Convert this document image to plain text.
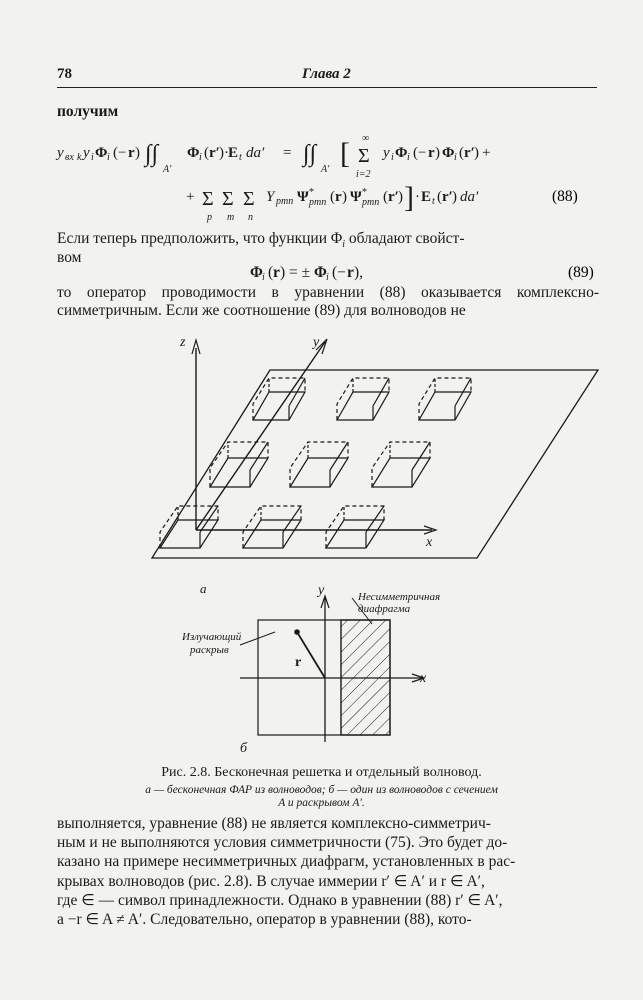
78	Глава 2
получим
y вх k y i Φ i (− r ) ∫∫
A′
Φ i ( r′ )· E t da′ = ∫∫
A′ [ Σ
∞
i=2
y i Φ i (− r ) Φ i ( r′ ) +
+ Σ
p
Σ
m
Σ
n
Y pmn Ψ *
pmn ( r ) Ψ *
pmn ( r′ ) ] · E t ( r′ ) da′	(88)
Φ i ( r ) = ± Φ i (− r ),	(89)
z	y
x
а	y
x
r
Излучающий
раскрыв
Несимметричная
диафрагма
б
Если теперь предположить, что функции $\Phi_i$ обладают свойст-
вом
то оператор проводимости в уравнении (88) оказывается комплексно-симметричным. Если же соотношение (89) для волноводов не
Рис. 2.8. Бесконечная решетка и отдельный волновод.
а — бесконечная ФАР из волноводов; б — один из волноводов с сечением
A и раскрывом A′.
выполняется, уравнение (88) не является комплексно-симметрич-
ным и не выполняются условия симметричности (75). Это будет до-
казано на примере несимметричных диафрагм, установленных в рас-
крывах волноводов (рис. 2.8). В случае иммерии r′ ∈ A′ и r ∈ A′,
где ∈ — символ принадлежности. Однако в уравнении (88) r′ ∈ A′,
а −r ∈ A ≠ A′. Следовательно, оператор в уравнении (88), кото-
